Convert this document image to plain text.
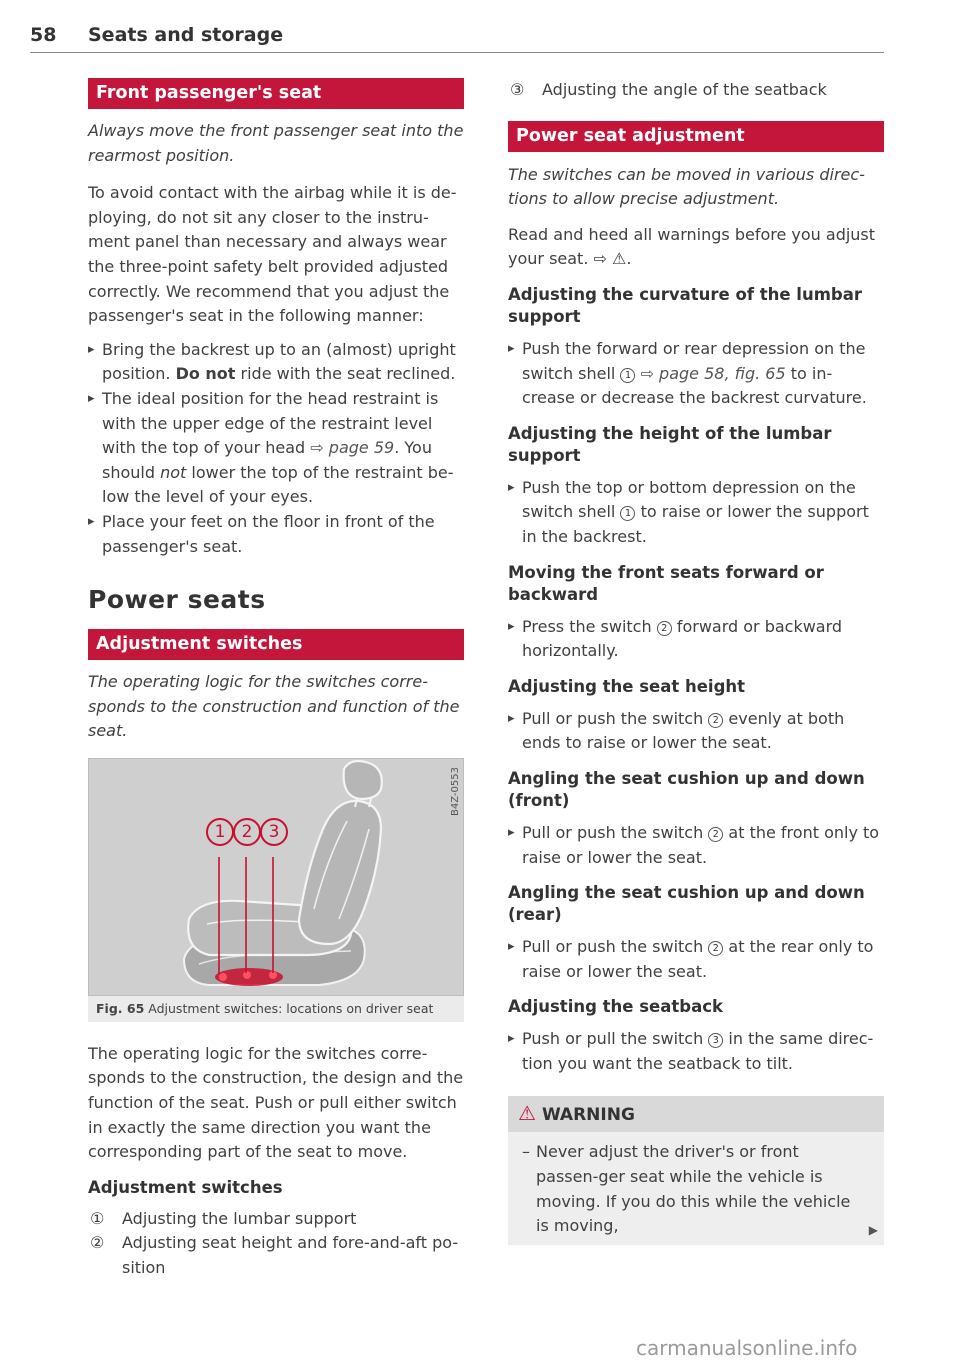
58 Seats and storage
Front passenger's seat

Always move the front passenger seat into the rearmost position.

To avoid contact with the airbag while it is de-ploying, do not sit any closer to the instru-ment panel than necessary and always wear the three-point safety belt provided adjusted correctly. We recommend that you adjust the passenger's seat in the following manner:

▸ Bring the backrest up to an (almost) upright position. Do not ride with the seat reclined.
▸ The ideal position for the head restraint is with the upper edge of the restraint level with the top of your head ⇨ page 59. You should not lower the top of the restraint be-low the level of your eyes.
▸ Place your feet on the floor in front of the passenger's seat.
Power seats
Adjustment switches

The operating logic for the switches corre-sponds to the construction and function of the seat.

1 2 3
B4Z-0553
Fig. 65 Adjustment switches: locations on driver seat

The operating logic for the switches corre-sponds to the construction, the design and the function of the seat. Push or pull either switch in exactly the same direction you want the corresponding part of the seat to move.

Adjustment switches
① Adjusting the lumbar support
② Adjusting seat height and fore-and-aft po-sition
③ Adjusting the angle of the seatback
Power seat adjustment

The switches can be moved in various direc-tions to allow precise adjustment.

Read and heed all warnings before you adjust your seat. ⇨ ⚠.

Adjusting the curvature of the lumbar support
▸ Push the forward or rear depression on the switch shell 1 ⇨ page 58, fig. 65 to in-crease or decrease the backrest curvature.
Adjusting the height of the lumbar support
▸ Push the top or bottom depression on the switch shell 1 to raise or lower the support in the backrest.
Moving the front seats forward or backward
▸ Press the switch 2 forward or backward horizontally.
Adjusting the seat height
▸ Pull or push the switch 2 evenly at both ends to raise or lower the seat.
Angling the seat cushion up and down (front)
▸ Pull or push the switch 2 at the front only to raise or lower the seat.
Angling the seat cushion up and down (rear)
▸ Pull or push the switch 2 at the rear only to raise or lower the seat.
Adjusting the seatback
▸ Push or pull the switch 3 in the same direc-tion you want the seatback to tilt.
⚠ WARNING
– Never adjust the driver's or front passen-ger seat while the vehicle is moving. If you do this while the vehicle is moving,	▶
carmanualsonline.info
